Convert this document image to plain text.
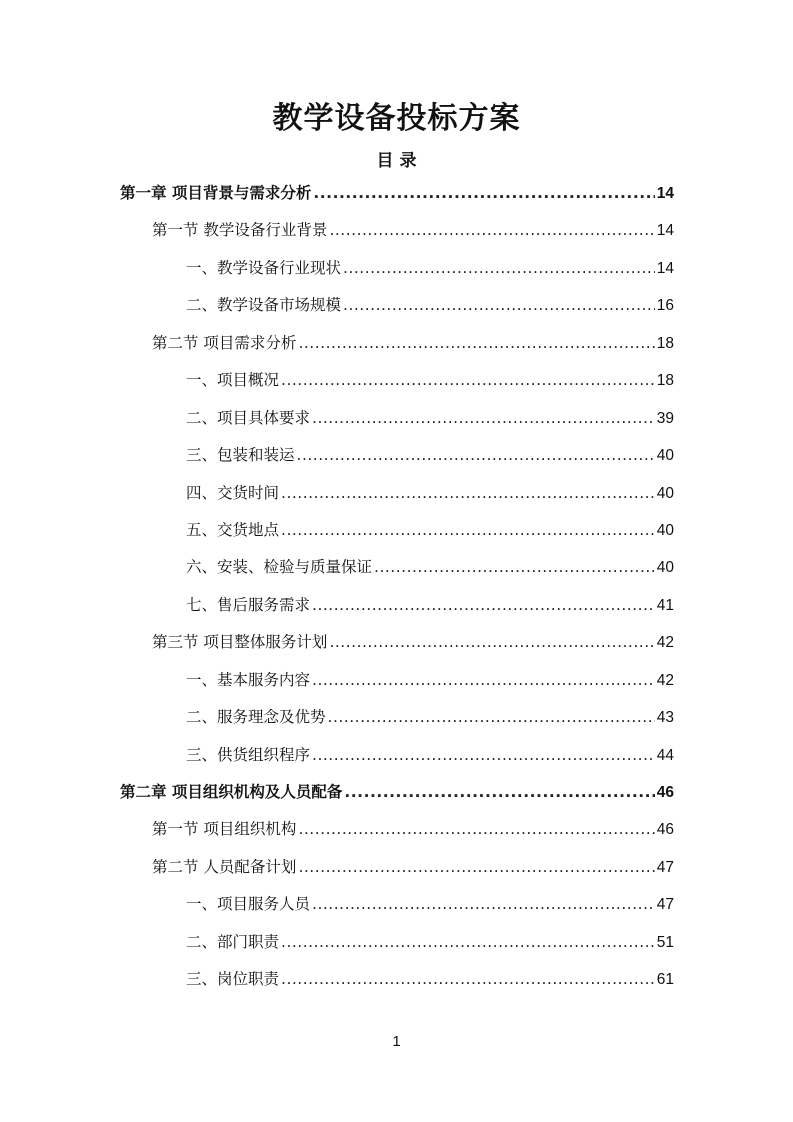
教学设备投标方案
目 录
第一章 项目背景与需求分析 .....	14
第一节 教学设备行业背景 .....	14
一、教学设备行业现状 .....	14
二、教学设备市场规模 .....	16
第二节 项目需求分析 .....	18
一、项目概况 .....	18
二、项目具体要求 .....	39
三、包装和装运 .....	40
四、交货时间 .....	40
五、交货地点 .....	40
六、安装、检验与质量保证 .....	40
七、售后服务需求 .....	41
第三节 项目整体服务计划 .....	42
一、基本服务内容 .....	42
二、服务理念及优势 .....	43
三、供货组织程序 .....	44
第二章 项目组织机构及人员配备 .....	46
第一节 项目组织机构 .....	46
第二节 人员配备计划 .....	47
一、项目服务人员 .....	47
二、部门职责 .....	51
三、岗位职责 .....	61
1
